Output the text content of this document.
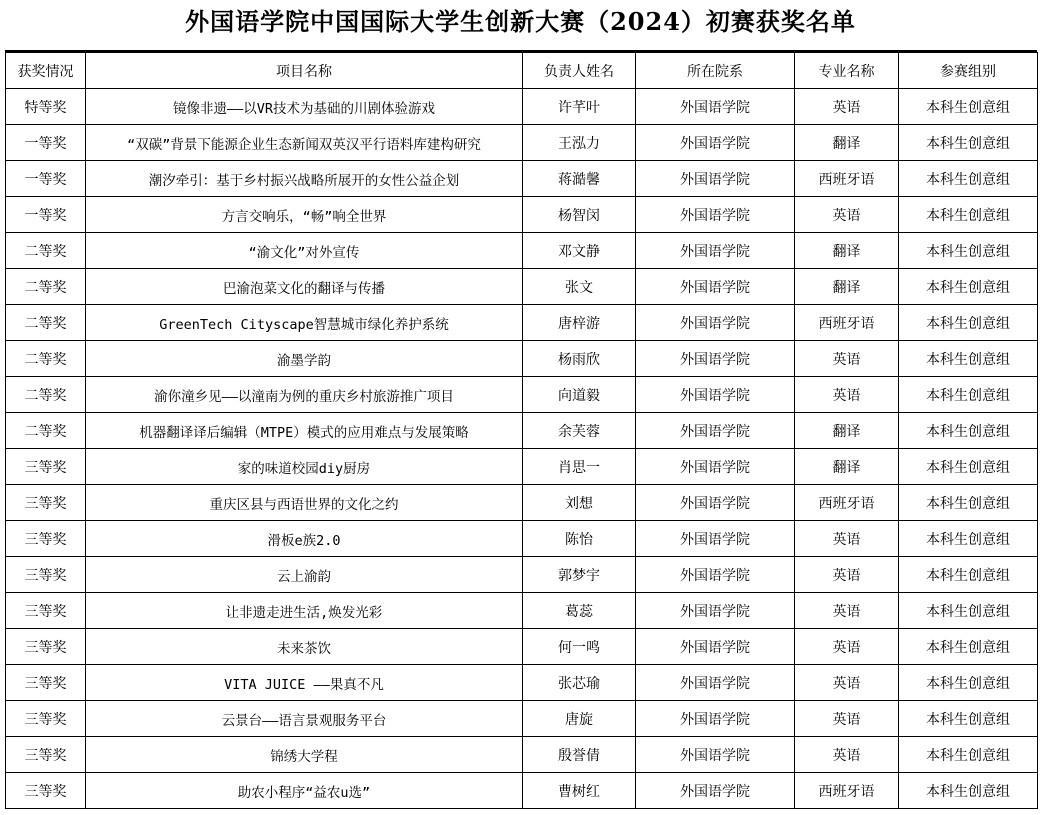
外国语学院中国国际大学生创新大赛（2024）初赛获奖名单
获奖情况	项目名称	负责人姓名	所在院系	专业名称	参赛组别
特等奖	镜像非遗——以VR技术为基础的川剧体验游戏	许芊叶	外国语学院	英语	本科生创意组
一等奖	“双碳”背景下能源企业生态新闻双英汉平行语料库建构研究	王泓力	外国语学院	翻译	本科生创意组
一等奖	潮汐牵引：基于乡村振兴战略所展开的女性公益企划	蒋澔馨	外国语学院	西班牙语	本科生创意组
一等奖	方言交响乐，“畅”响全世界	杨智闵	外国语学院	英语	本科生创意组
二等奖	“渝文化”对外宣传	邓文静	外国语学院	翻译	本科生创意组
二等奖	巴渝泡菜文化的翻译与传播	张文	外国语学院	翻译	本科生创意组
二等奖	GreenTech Cityscape智慧城市绿化养护系统	唐梓游	外国语学院	西班牙语	本科生创意组
二等奖	渝墨学韵	杨雨欣	外国语学院	英语	本科生创意组
二等奖	渝你潼乡见——以潼南为例的重庆乡村旅游推广项目	向道毅	外国语学院	英语	本科生创意组
二等奖	机器翻译译后编辑（MTPE）模式的应用难点与发展策略	余芙蓉	外国语学院	翻译	本科生创意组
三等奖	家的味道校园diy厨房	肖思一	外国语学院	翻译	本科生创意组
三等奖	重庆区县与西语世界的文化之约	刘想	外国语学院	西班牙语	本科生创意组
三等奖	滑板e族2.0	陈怡	外国语学院	英语	本科生创意组
三等奖	云上渝韵	郭梦宇	外国语学院	英语	本科生创意组
三等奖	让非遗走进生活,焕发光彩	葛蕊	外国语学院	英语	本科生创意组
三等奖	未来茶饮	何一鸣	外国语学院	英语	本科生创意组
三等奖	VITA JUICE ——果真不凡	张芯瑜	外国语学院	英语	本科生创意组
三等奖	云景台——语言景观服务平台	唐旋	外国语学院	英语	本科生创意组
三等奖	锦绣大学程	殷誉倩	外国语学院	英语	本科生创意组
三等奖	助农小程序“益农u选”	曹树红	外国语学院	西班牙语	本科生创意组
